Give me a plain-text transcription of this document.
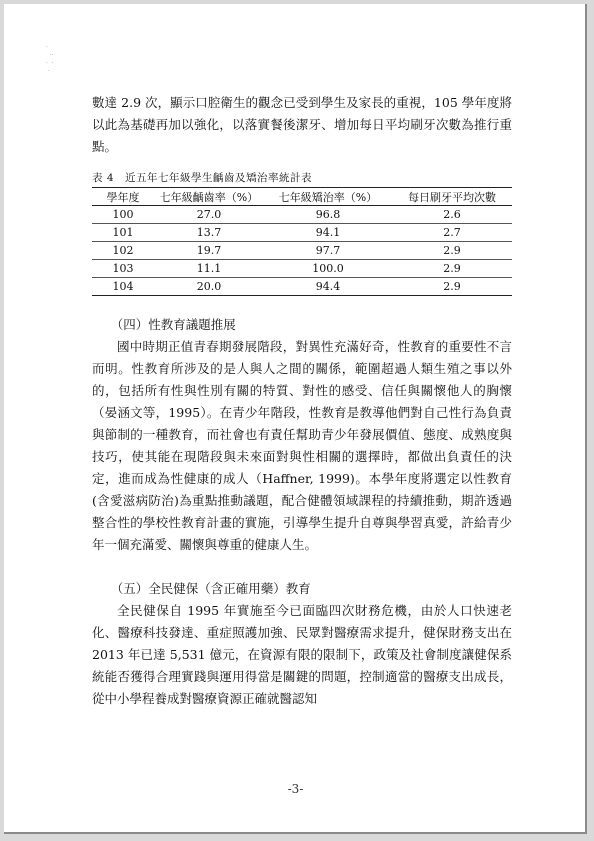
·
··
·  ·
·

數達 2.9 次，顯示口腔衛生的觀念已受到學生及家長的重視，105 學年度將以此為基礎再加以強化，以落實餐後潔牙、增加每日平均刷牙次數為推行重點。

表 4　近五年七年級學生齲齒及矯治率統計表
學年度	七年級齲齒率（%）	七年級矯治率（%）	每日刷牙平均次數
100	27.0	96.8	2.6
101	13.7	94.1	2.7
102	19.7	97.7	2.9
103	11.1	100.0	2.9
104	20.0	94.4	2.9
（四）性教育議題推展

國中時期正值青春期發展階段，對異性充滿好奇，性教育的重要性不言而明。性教育所涉及的是人與人之間的關係，範圍超過人類生殖之事以外的，包括所有性與性別有關的特質、對性的感受、信任與關懷他人的胸懷（晏涵文等，1995）。在青少年階段，性教育是教導他們對自己性行為負責與節制的一種教育，而社會也有責任幫助青少年發展價值、態度、成熟度與技巧，使其能在現階段與未來面對與性相關的選擇時，都做出負責任的決定，進而成為性健康的成人（Haffner, 1999)。本學年度將選定以性教育(含愛滋病防治)為重點推動議題，配合健體領域課程的持續推動，期許透過整合性的學校性教育計畫的實施，引導學生提升自尊與學習真愛，許給青少年一個充滿愛、關懷與尊重的健康人生。

（五）全民健保（含正確用藥）教育

全民健保自 1995 年實施至今已面臨四次財務危機，由於人口快速老化、醫療科技發達、重症照護加強、民眾對醫療需求提升，健保財務支出在 2013 年已達 5,531 億元，在資源有限的限制下，政策及社會制度讓健保系統能否獲得合理實踐與運用得當是關鍵的問題，控制適當的醫療支出成長，從中小學程養成對醫療資源正確就醫認知

-3-
